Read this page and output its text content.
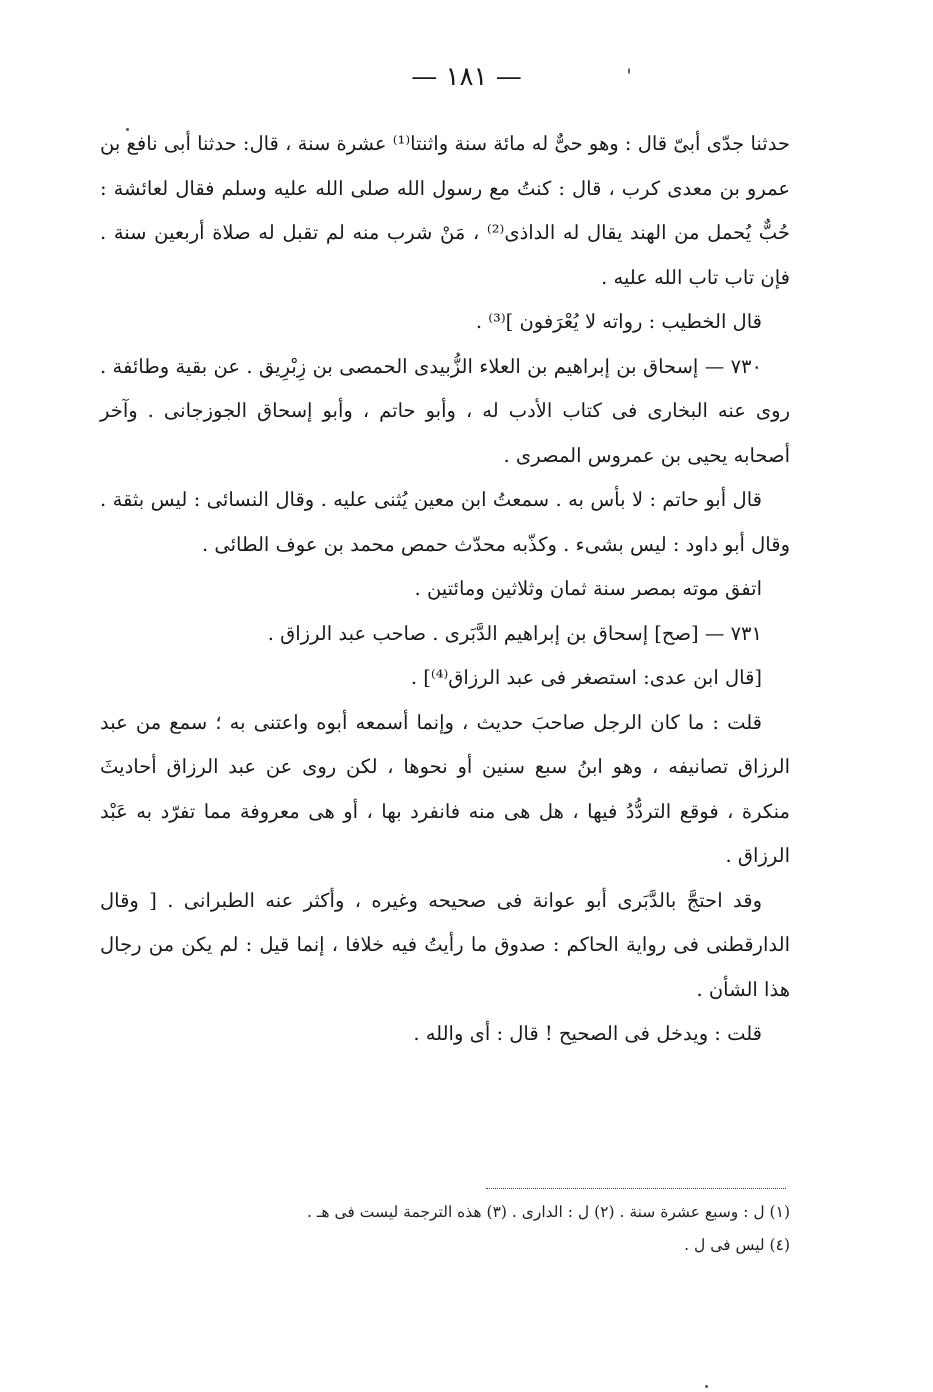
— ١٨١ —

حدثنا جدّى أبىّ قال : وهو حىٌّ له مائة سنة واثنتا⁽¹⁾ عشرة سنة ، قال: حدثنا أبى نافع بن عمرو بن معدى كرب ، قال : كنتُ مع رسول الله صلى الله عليه وسلم فقال لعائشة : حُبٌّ يُحمل من الهند يقال له الداذى⁽²⁾ ، مَنْ شرب منه لم تقبل له صلاة أربعين سنة . فإن تاب تاب الله عليه .

قال الخطيب : رواته لا يُعْرَفون ]⁽³⁾ .

٧٣٠ — إسحاق بن إبراهيم بن العلاء الزُّبيدى الحمصى بن زِبْرِيق . عن بقية وطائفة . روى عنه البخارى فى كتاب الأدب له ، وأبو حاتم ، وأبو إسحاق الجوزجانى . وآخر أصحابه يحيى بن عمروس المصرى .

قال أبو حاتم : لا بأس به . سمعتُ ابن معين يُثنى عليه . وقال النسائى : ليس بثقة . وقال أبو داود : ليس بشىء . وكذّبه محدّث حمص محمد بن عوف الطائى .

اتفق موته بمصر سنة ثمان وثلاثين ومائتين .

٧٣١ — [صح] إسحاق بن إبراهيم الدَّبَرى . صاحب عبد الرزاق .

[قال ابن عدى: استصغر فى عبد الرزاق⁽⁴⁾] .

قلت : ما كان الرجل صاحبَ حديث ، وإنما أسمعه أبوه واعتنى به ؛ سمع من عبد الرزاق تصانيفه ، وهو ابنُ سبع سنين أو نحوها ، لكن روى عن عبد الرزاق أحاديثَ منكرة ، فوقع التردُّدُ فيها ، هل هى منه فانفرد بها ، أو هى معروفة مما تفرّد به عَبْد الرزاق .

وقد احتجَّ بالدَّبَرى أبو عوانة فى صحيحه وغيره ، وأكثر عنه الطبرانى . [ وقال الدارقطنى فى رواية الحاكم : صدوق ما رأيتُ فيه خلافا ، إنما قيل : لم يكن من رجال هذا الشأن .

قلت : ويدخل فى الصحيح ! قال : أى والله .

(١) ل : وسبع عشرة سنة . (٢) ل : الدارى . (٣) هذه الترجمة ليست فى هـ .
(٤) ليس فى ل .
